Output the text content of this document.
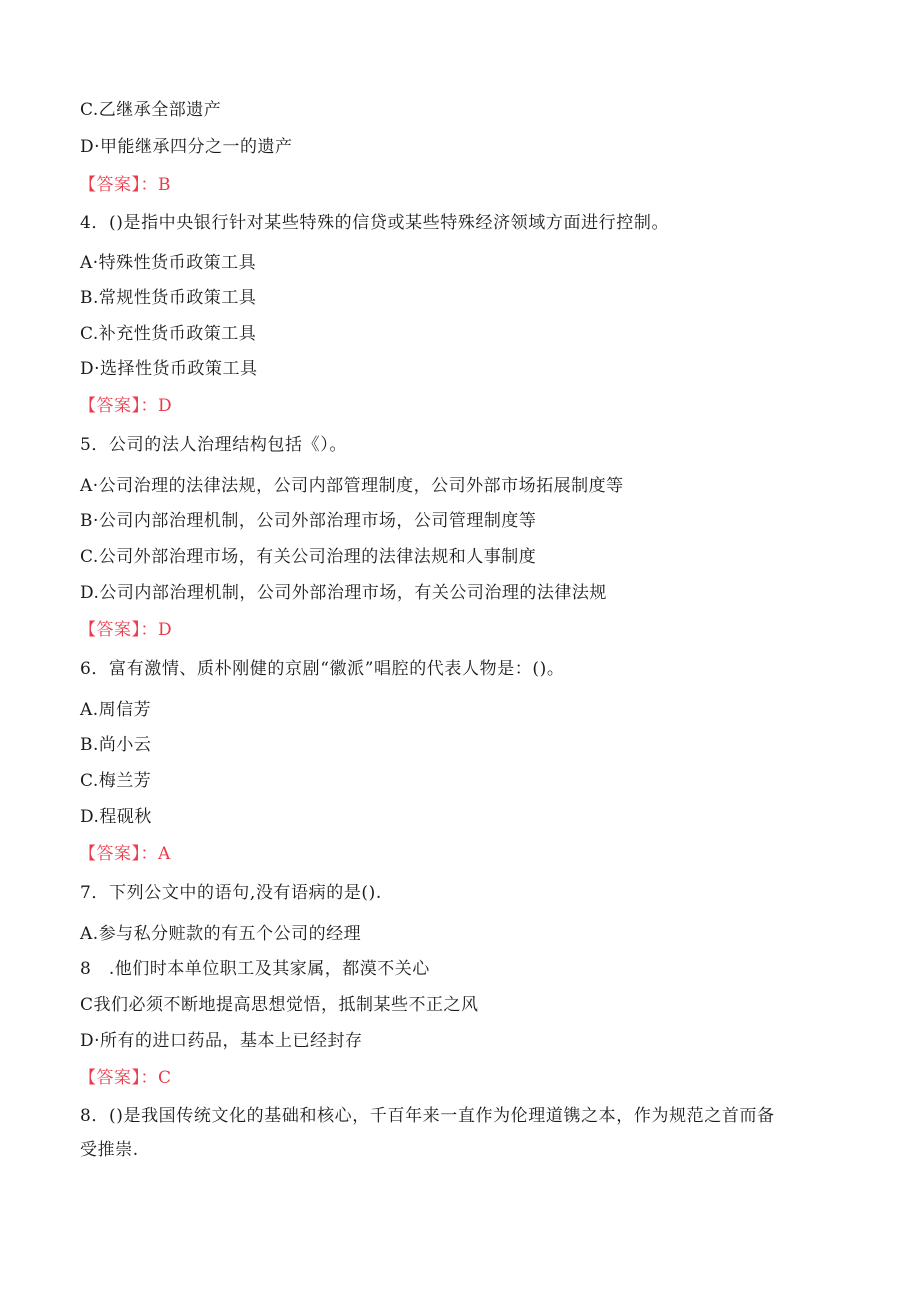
C.乙继承全部遗产
D·甲能继承四分之一的遗产
【答案】：B
4．()是指中央银行针对某些特殊的信贷或某些特殊经济领域方面进行控制。
A·特殊性货币政策工具
B.常规性货币政策工具
C.补充性货币政策工具
D·选择性货币政策工具
【答案】：D
5．公司的法人治理结构包括《）。
A·公司治理的法律法规，公司内部管理制度，公司外部市场拓展制度等
B·公司内部治理机制，公司外部治理市场，公司管理制度等
C.公司外部治理市场，有关公司治理的法律法规和人事制度
D.公司内部治理机制，公司外部治理市场，有关公司治理的法律法规
【答案】：D
6．富有激情、质朴刚健的京剧“徽派”唱腔的代表人物是：()。
A.周信芳
B.尚小云
C.梅兰芳
D.程砚秋
【答案】：A
7．下列公文中的语句,没有语病的是().
A.参与私分赃款的有五个公司的经理
8　.他们时本单位职工及其家属，都漠不关心
C我们必须不断地提高思想觉悟，抵制某些不正之风
D·所有的进口药品，基本上已经封存
【答案】：C
8．()是我国传统文化的基础和核心，千百年来一直作为伦理道镌之本，作为规范之首而备
受推崇.
